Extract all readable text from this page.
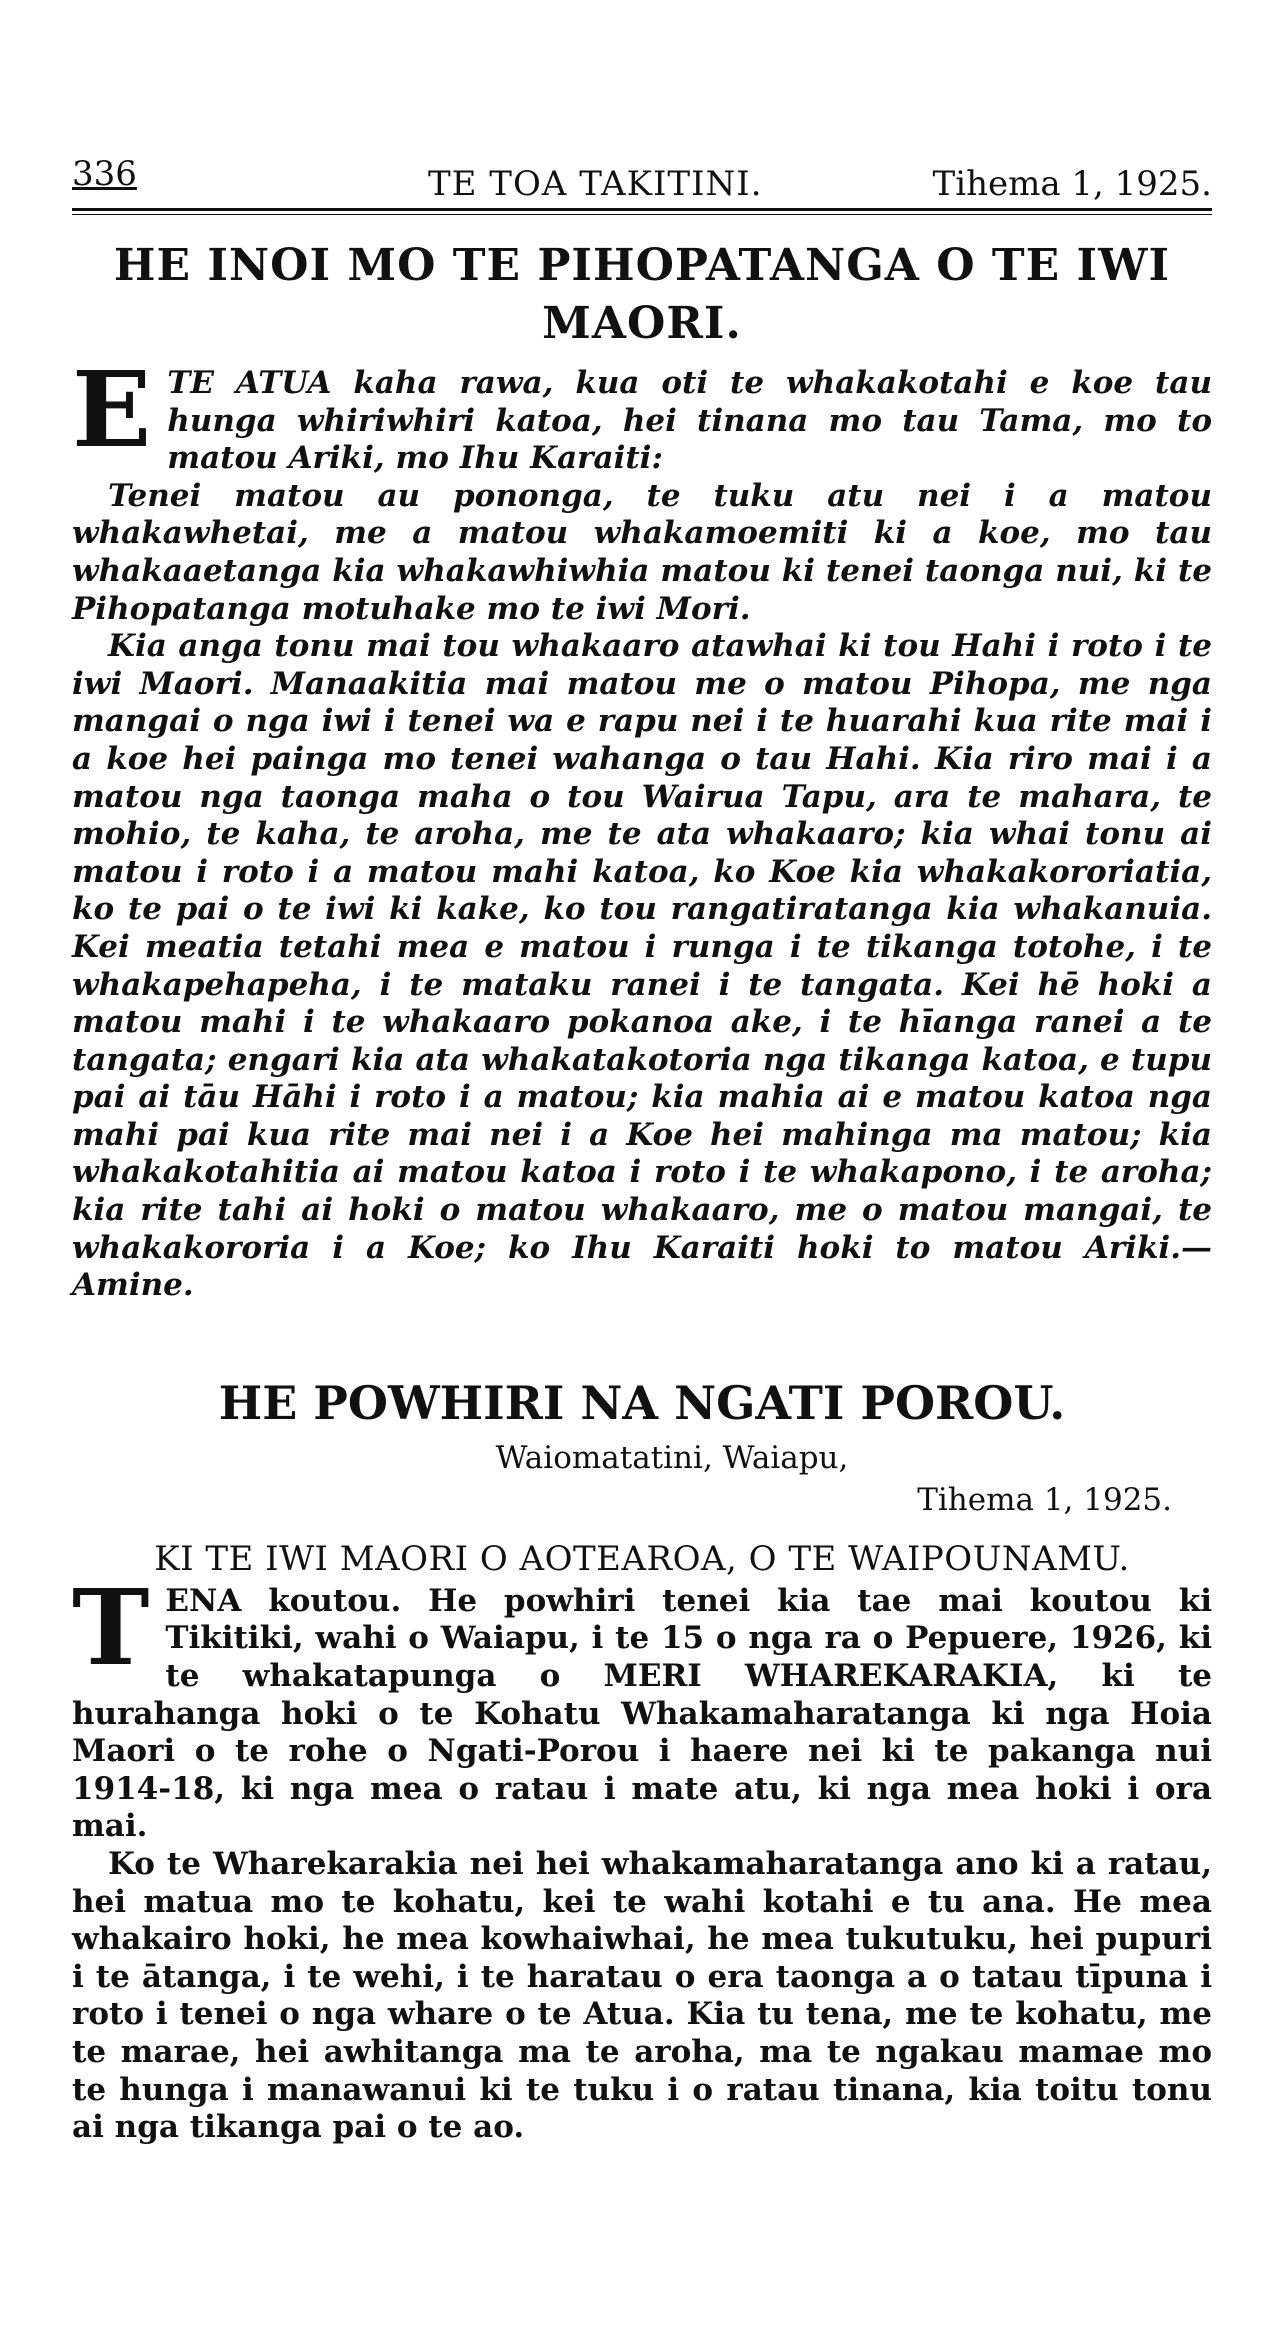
336	TE TOA TAKITINI.	Tihema 1, 1925.
HE INOI MO TE PIHOPATANGA O TE IWI MAORI.

ETE ATUA kaha rawa, kua oti te whakakotahi e koe tau hunga whiriwhiri katoa, hei tinana mo tau Tama, mo to matou Ariki, mo Ihu Karaiti:

Tenei matou au pononga, te tuku atu nei i a matou whakawhetai, me a matou whakamoemiti ki a koe, mo tau whakaaetanga kia whakawhiwhia matou ki tenei taonga nui, ki te Pihopatanga motuhake mo te iwi Mori.

Kia anga tonu mai tou whakaaro atawhai ki tou Hahi i roto i te iwi Maori. Manaakitia mai matou me o matou Pihopa, me nga mangai o nga iwi i tenei wa e rapu nei i te huarahi kua rite mai i a koe hei painga mo tenei wahanga o tau Hahi. Kia riro mai i a matou nga taonga maha o tou Wairua Tapu, ara te mahara, te mohio, te kaha, te aroha, me te ata whakaaro; kia whai tonu ai matou i roto i a matou mahi katoa, ko Koe kia whakakororiatia, ko te pai o te iwi ki kake, ko tou rangatiratanga kia whakanuia. Kei meatia tetahi mea e matou i runga i te tikanga totohe, i te whakapehapeha, i te mataku ranei i te tangata. Kei hē hoki a matou mahi i te whakaaro pokanoa ake, i te hīanga ranei a te tangata; engari kia ata whakatakotoria nga tikanga katoa, e tupu pai ai tāu Hāhi i roto i a matou; kia mahia ai e matou katoa nga mahi pai kua rite mai nei i a Koe hei mahinga ma matou; kia whakakotahitia ai matou katoa i roto i te whakapono, i te aroha; kia rite tahi ai hoki o matou whakaaro, me o matou mangai, te whakakororia i a Koe; ko Ihu Karaiti hoki to matou Ariki.—Amine.

HE POWHIRI NA NGATI POROU.
Waiomatatini, Waiapu,
Tihema 1, 1925.
KI TE IWI MAORI O AOTEAROA, O TE WAIPOUNAMU.

TENA koutou. He powhiri tenei kia tae mai koutou ki Tikitiki, wahi o Waiapu, i te 15 o nga ra o Pepuere, 1926, ki te whakatapunga o MERI WHAREKARAKIA, ki te hurahanga hoki o te Kohatu Whakamaharatanga ki nga Hoia Maori o te rohe o Ngati-Porou i haere nei ki te pakanga nui 1914-18, ki nga mea o ratau i mate atu, ki nga mea hoki i ora mai.

Ko te Wharekarakia nei hei whakamaharatanga ano ki a ratau, hei matua mo te kohatu, kei te wahi kotahi e tu ana. He mea whakairo hoki, he mea kowhaiwhai, he mea tukutuku, hei pupuri i te ātanga, i te wehi, i te haratau o era taonga a o tatau tīpuna i roto i tenei o nga whare o te Atua. Kia tu tena, me te kohatu, me te marae, hei awhitanga ma te aroha, ma te ngakau mamae mo te hunga i manawanui ki te tuku i o ratau tinana, kia toitu tonu ai nga tikanga pai o te ao.
